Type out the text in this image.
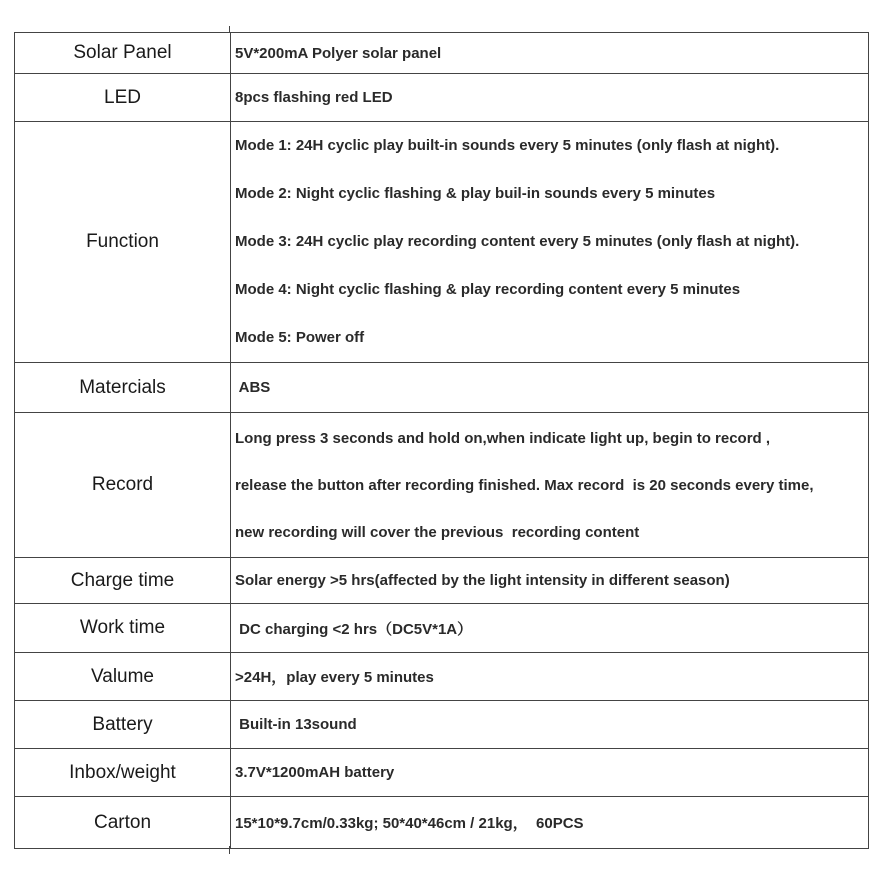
Solar Panel	5V*200mA Polyer solar panel

LED	8pcs flashing red LED

Function	Mode 1: 24H cyclic play built-in sounds every 5 minutes (only flash at night).
Mode 2: Night cyclic flashing & play buil-in sounds every 5 minutes
Mode 3: 24H cyclic play recording content every 5 minutes (only flash at night).
Mode 4: Night cyclic flashing & play recording content every 5 minutes
Mode 5: Power off

Matercials	ABS

Record	Long press 3 seconds and hold on,when indicate light up, begin to record ,
release the button after recording finished. Max record  is 20 seconds every time,
new recording will cover the previous  recording content

Charge time	Solar energy >5 hrs(affected by the light intensity in different season)

Work time	DC charging <2 hrs（DC5V*1A）

Valume	>24H，play every 5 minutes

Battery	Built-in 13sound

Inbox/weight	3.7V*1200mAH battery

Carton	15*10*9.7cm/0.33kg; 50*40*46cm / 21kg，  60PCS
